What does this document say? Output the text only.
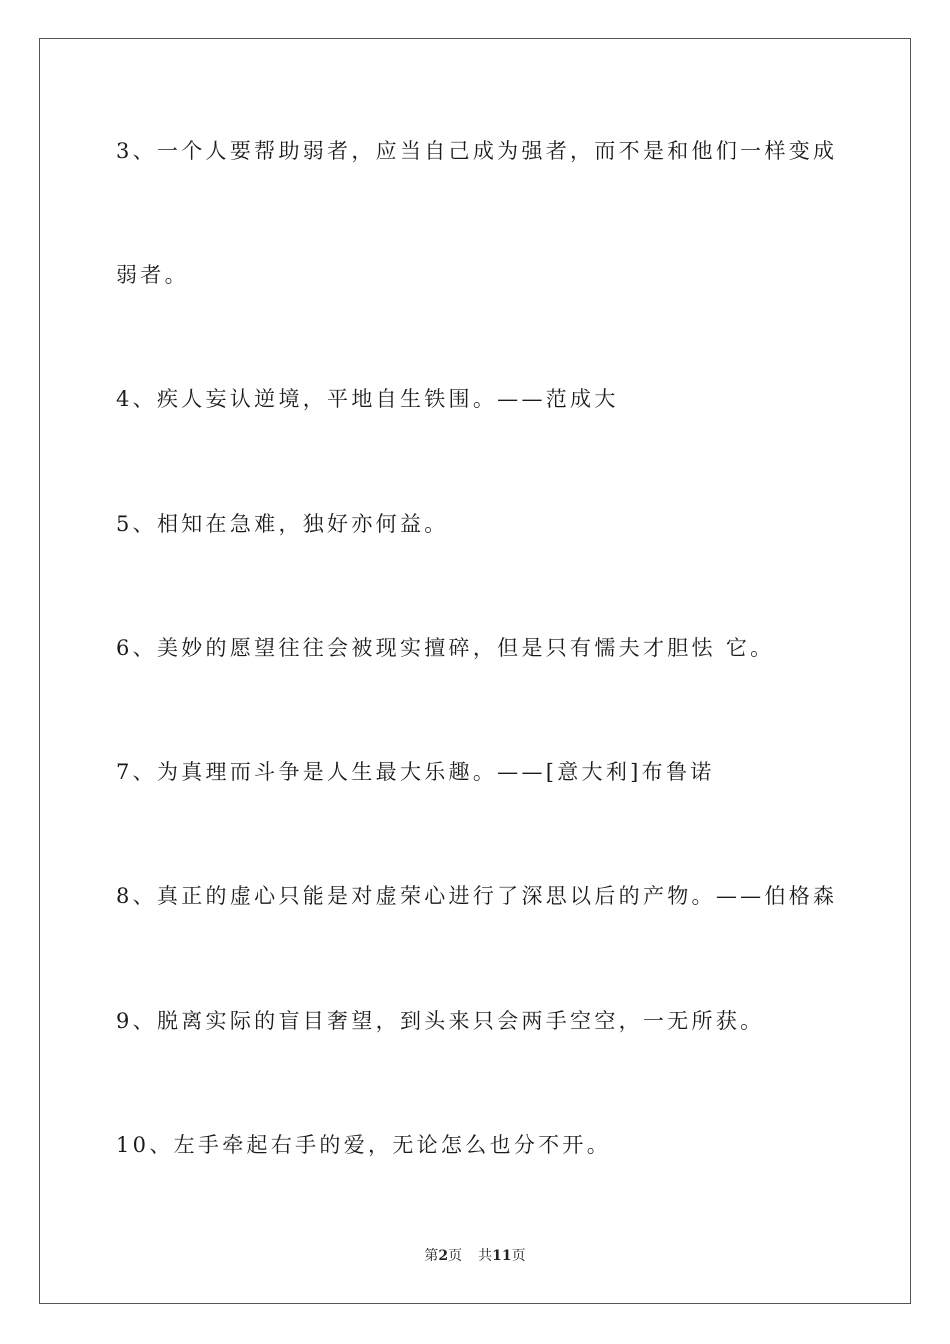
3、一个人要帮助弱者，应当自己成为强者，而不是和他们一样变成
弱者。
4、疾人妄认逆境，平地自生铁围。——范成大
5、相知在急难，独好亦何益。
6、美妙的愿望往往会被现实擅碎，但是只有懦夫才胆怯 它。
7、为真理而斗争是人生最大乐趣。——[意大利]布鲁诺
8、真正的虚心只能是对虚荣心进行了深思以后的产物。——伯格森
9、脱离实际的盲目奢望，到头来只会两手空空，一无所获。
10、左手牵起右手的爱，无论怎么也分不开。
第2页 共11页
